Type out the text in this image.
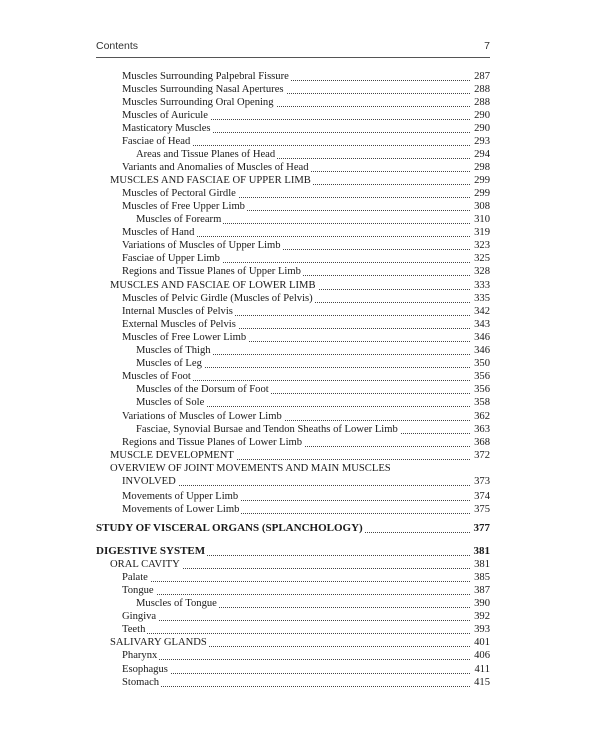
Contents	7
Muscles Surrounding Palpebral Fissure	287
Muscles Surrounding Nasal Apertures	288
Muscles Surrounding Oral Opening	288
Muscles of Auricule	290
Masticatory Muscles	290
Fasciae of Head	293
Areas and Tissue Planes of Head	294
Variants and Anomalies of Muscles of Head	298
MUSCLES AND FASCIAE OF UPPER LIMB	299
Muscles of Pectoral Girdle	299
Muscles of Free Upper Limb	308
Muscles of Forearm	310
Muscles of Hand	319
Variations of Muscles of Upper Limb	323
Fasciae of Upper Limb	325
Regions and Tissue Planes of Upper Limb	328
MUSCLES AND FASCIAE OF LOWER LIMB	333
Muscles of Pelvic Girdle (Muscles of Pelvis)	335
Internal Muscles of Pelvis	342
External Muscles of Pelvis	343
Muscles of Free Lower Limb	346
Muscles of Thigh	346
Muscles of Leg	350
Muscles of Foot	356
Muscles of the Dorsum of Foot	356
Muscles of Sole	358
Variations of Muscles of Lower Limb	362
Fasciae, Synovial Bursae and Tendon Sheaths of Lower Limb	363
Regions and Tissue Planes of Lower Limb	368
MUSCLE DEVELOPMENT	372
OVERVIEW OF JOINT MOVEMENTS AND MAIN MUSCLES
INVOLVED	373
Movements of Upper Limb	374
Movements of Lower Limb	375
STUDY OF VISCERAL ORGANS (SPLANCHOLOGY)	377
DIGESTIVE SYSTEM	381
ORAL CAVITY	381
Palate	385
Tongue	387
Muscles of Tongue	390
Gingiva	392
Teeth	393
SALIVARY GLANDS	401
Pharynx	406
Esophagus	411
Stomach	415
